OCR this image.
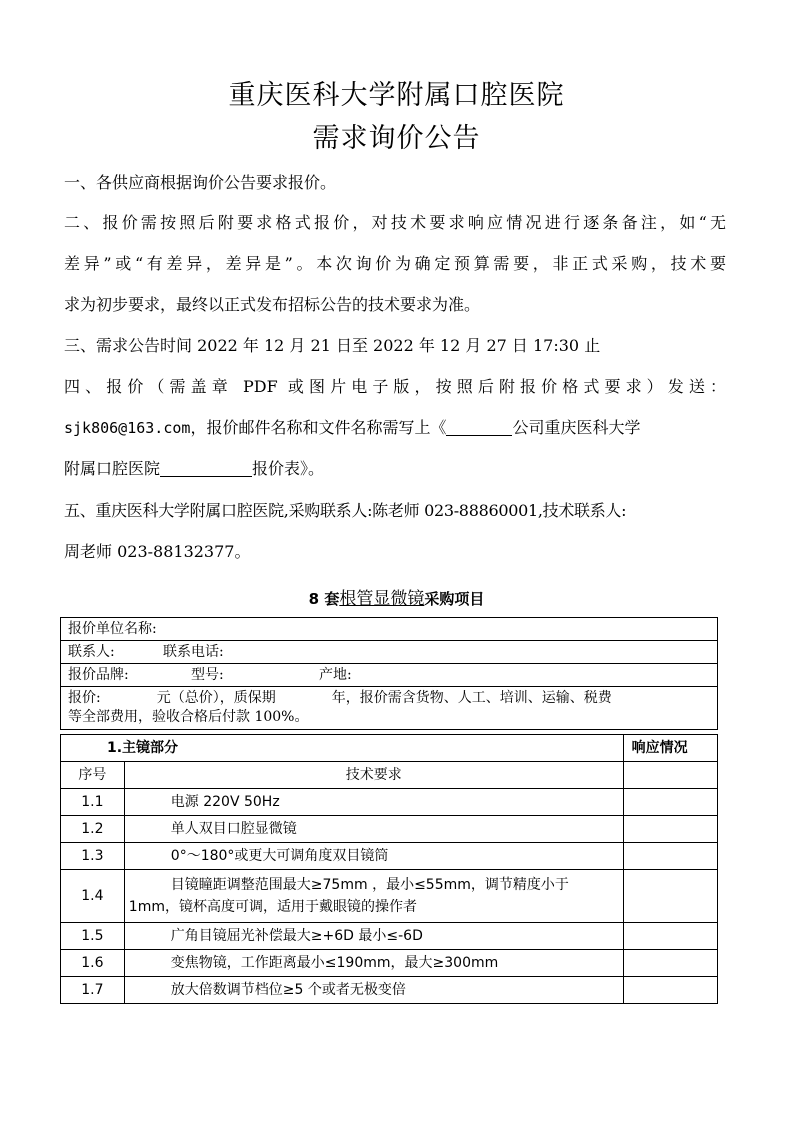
重庆医科大学附属口腔医院
需求询价公告
一、各供应商根据询价公告要求报价。
二、报价需按照后附要求格式报价，对技术要求响应情况进行逐条备注，如“无
差异”或“有差异，差异是”。本次询价为确定预算需要，非正式采购，技术要
求为初步要求，最终以正式发布招标公告的技术要求为准。
三、需求公告时间 2022 年 12 月 21 日至 2022 年 12 月 27 日 17:30 止
四、报价（需盖章 PDF 或图片电子版，按照后附报价格式要求）发送：
sjk806@163.com，报价邮件名称和文件名称需写上《	公司重庆医科大学
附属口腔医院	报价表》。
五、重庆医科大学附属口腔医院,采购联系人:陈老师 023-88860001,技术联系人:
周老师 023-88132377。
8 套根管显微镜采购项目
报价单位名称:
联系人:	联系电话:
报价品牌:	型号:	产地:

报价:　　　　元（总价），质保期　　　　年，报价需含货物、人工、培训、运输、税费
等全部费用，验收合格后付款 100%。
1.主镜部分		响应情况
序号	技术要求	
1.1	电源 220V 50Hz	
1.2	单人双目口腔显微镜	
1.3	0°～180°或更大可调角度双目镜筒	
1.4	目镜瞳距调整范围最大≥75mm ，最小≤55mm，调节精度小于 1mm，镜杯高度可调，适用于戴眼镜的操作者	
1.5	广角目镜屈光补偿最大≥+6D 最小≤-6D	
1.6	变焦物镜，工作距离最小≤190mm，最大≥300mm	
1.7	放大倍数调节档位≥5 个或者无极变倍	
